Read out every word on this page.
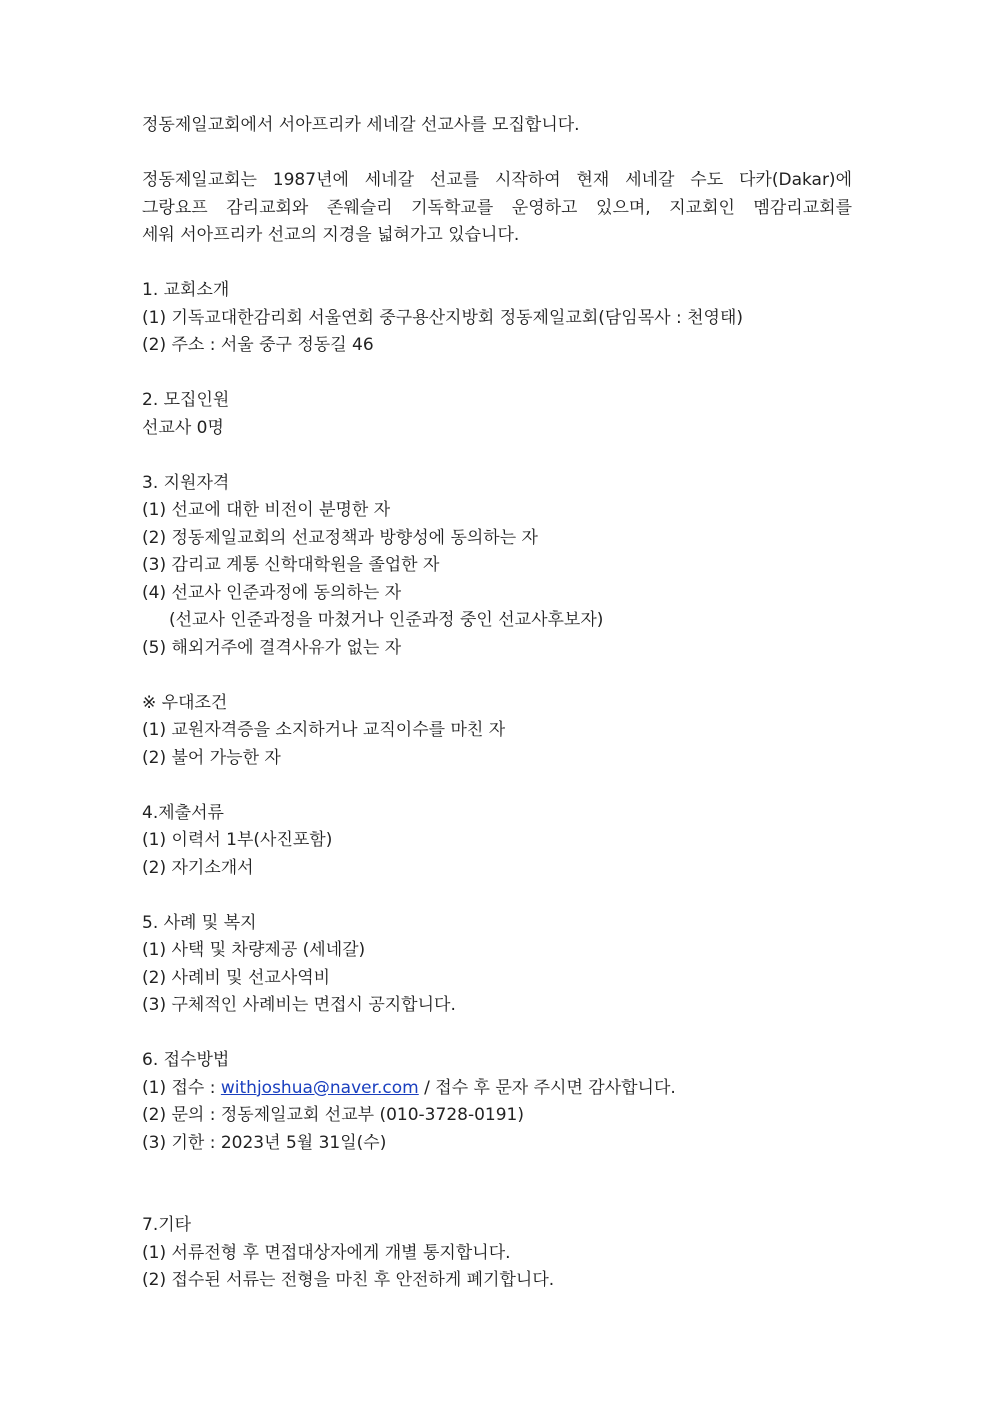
정동제일교회에서 서아프리카 세네갈 선교사를 모집합니다.
정동제일교회는 1987년에 세네갈 선교를 시작하여 현재 세네갈 수도 다카(Dakar)에
그랑요프 감리교회와 존웨슬리 기독학교를 운영하고 있으며, 지교회인 멤감리교회를
세워 서아프리카 선교의 지경을 넓혀가고 있습니다.
1. 교회소개
(1) 기독교대한감리회 서울연회 중구용산지방회 정동제일교회(담임목사 : 천영태)
(2) 주소 : 서울 중구 정동길 46
2. 모집인원
선교사 0명
3. 지원자격
(1) 선교에 대한 비전이 분명한 자
(2) 정동제일교회의 선교정책과 방향성에 동의하는 자
(3) 감리교 계통 신학대학원을 졸업한 자
(4) 선교사 인준과정에 동의하는 자
(선교사 인준과정을 마쳤거나 인준과정 중인 선교사후보자)
(5) 해외거주에 결격사유가 없는 자
※ 우대조건
(1) 교원자격증을 소지하거나 교직이수를 마친 자
(2) 불어 가능한 자
4.제출서류
(1) 이력서 1부(사진포함)
(2) 자기소개서
5. 사례 및 복지
(1) 사택 및 차량제공 (세네갈)
(2) 사례비 및 선교사역비
(3) 구체적인 사례비는 면접시 공지합니다.
6. 접수방법
(1) 접수 : withjoshua@naver.com / 접수 후 문자 주시면 감사합니다.
(2) 문의 : 정동제일교회 선교부 (010-3728-0191)
(3) 기한 : 2023년 5월 31일(수)
7.기타
(1) 서류전형 후 면접대상자에게 개별 통지합니다.
(2) 접수된 서류는 전형을 마친 후 안전하게 폐기합니다.
